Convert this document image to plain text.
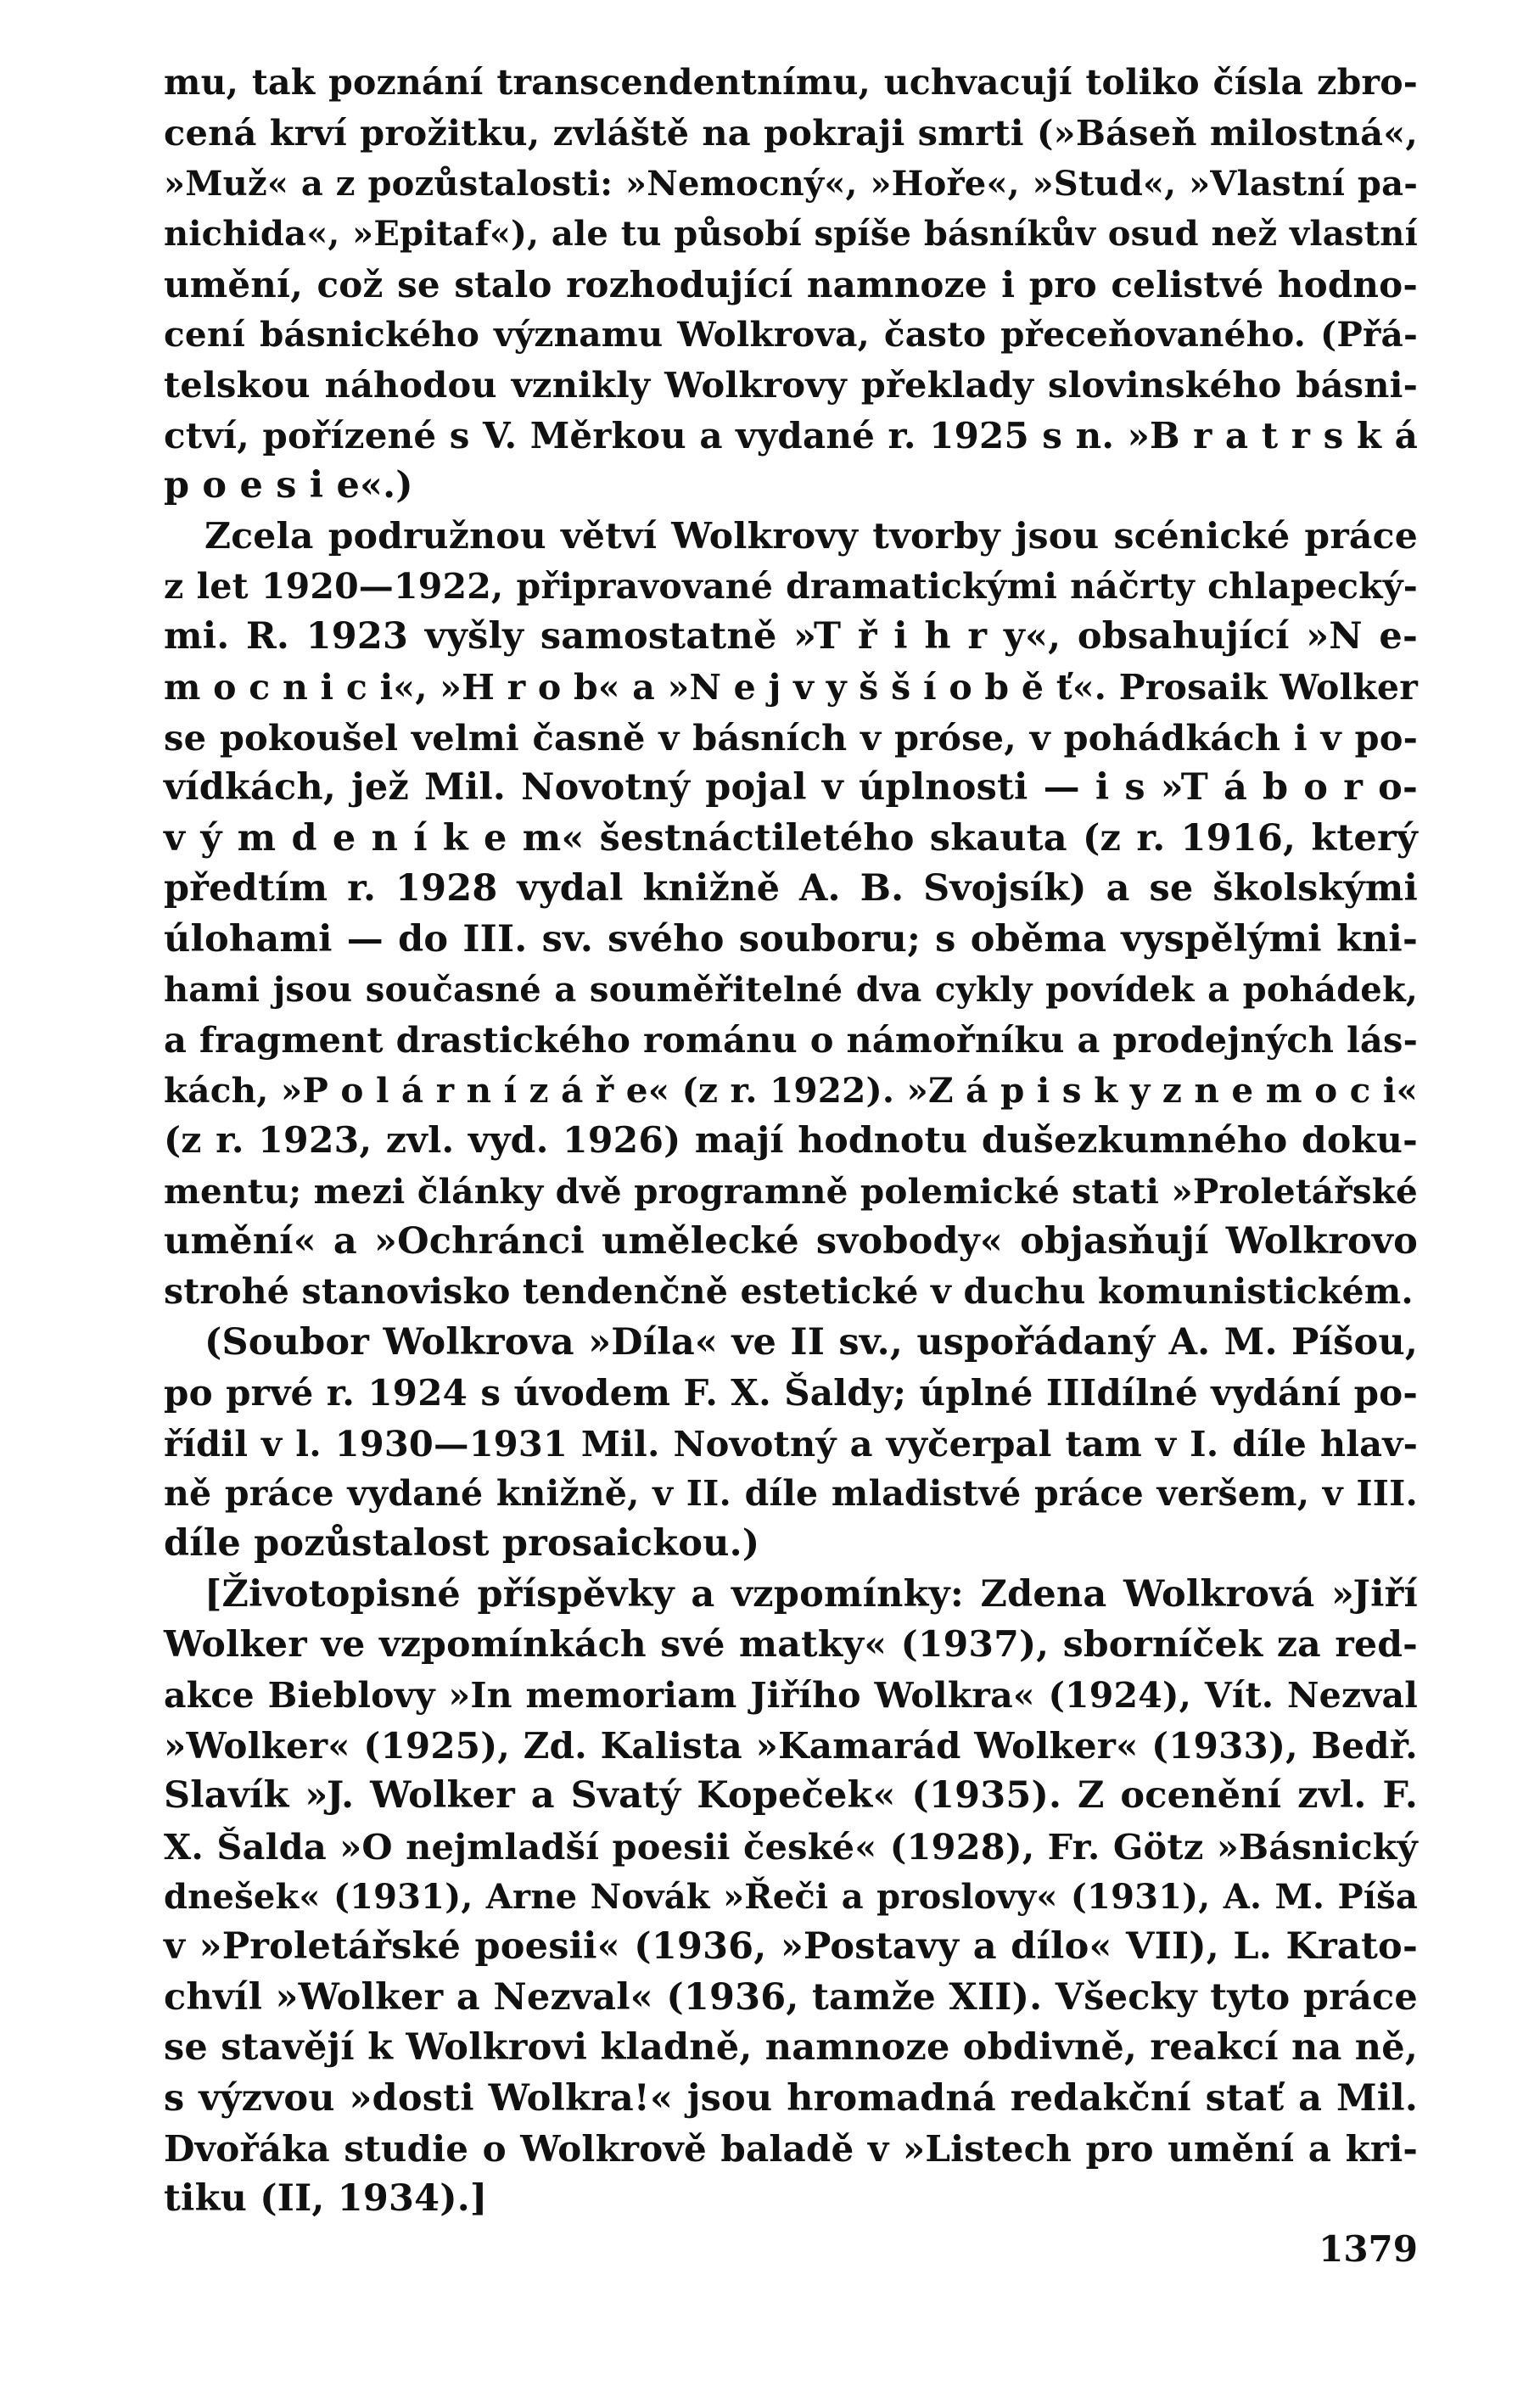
mu, tak poznání transcendentnímu, uchvacují toliko čísla zbro-
cená krví prožitku, zvláště na pokraji smrti (»Báseň milostná«,
»Muž« a z pozůstalosti: »Nemocný«, »Hoře«, »Stud«, »Vlastní pa-
nichida«, »Epitaf«), ale tu působí spíše básníkův osud než vlastní
umění, což se stalo rozhodující namnoze i pro celistvé hodno-
cení básnického významu Wolkrova, často přeceňovaného. (Přá-
telskou náhodou vznikly Wolkrovy překlady slovinského básni-
ctví, pořízené s V. Měrkou a vydané r. 1925 s n. »B r a t r s k á
p o e s i e«.)
Zcela podružnou větví Wolkrovy tvorby jsou scénické práce
z let 1920—1922, připravované dramatickými náčrty chlapecký-
mi. R. 1923 vyšly samostatně »T ř i h r y«, obsahující »N e-
m o c n i c i«, »H r o b« a »N e j v y š š í o b ě ť«. Prosaik Wolker
se pokoušel velmi časně v básních v próse, v pohádkách i v po-
vídkách, jež Mil. Novotný pojal v úplnosti — i s »T á b o r o-
v ý m d e n í k e m« šestnáctiletého skauta (z r. 1916, který
předtím r. 1928 vydal knižně A. B. Svojsík) a se školskými
úlohami — do III. sv. svého souboru; s oběma vyspělými kni-
hami jsou současné a souměřitelné dva cykly povídek a pohádek,
a fragment drastického románu o námořníku a prodejných lás-
kách, »P o l á r n í z á ř e« (z r. 1922). »Z á p i s k y z n e m o c i«
(z r. 1923, zvl. vyd. 1926) mají hodnotu dušezkumného doku-
mentu; mezi články dvě programně polemické stati »Proletářské
umění« a »Ochránci umělecké svobody« objasňují Wolkrovo
strohé stanovisko tendenčně estetické v duchu komunistickém.
(Soubor Wolkrova »Díla« ve II sv., uspořádaný A. M. Píšou,
po prvé r. 1924 s úvodem F. X. Šaldy; úplné IIIdílné vydání po-
řídil v l. 1930—1931 Mil. Novotný a vyčerpal tam v I. díle hlav-
ně práce vydané knižně, v II. díle mladistvé práce veršem, v III.
díle pozůstalost prosaickou.)
[Životopisné příspěvky a vzpomínky: Zdena Wolkrová »Jiří
Wolker ve vzpomínkách své matky« (1937), sborníček za red-
akce Bieblovy »In memoriam Jiřího Wolkra« (1924), Vít. Nezval
»Wolker« (1925), Zd. Kalista »Kamarád Wolker« (1933), Bedř.
Slavík »J. Wolker a Svatý Kopeček« (1935). Z ocenění zvl. F.
X. Šalda »O nejmladší poesii české« (1928), Fr. Götz »Básnický
dnešek« (1931), Arne Novák »Řeči a proslovy« (1931), A. M. Píša
v »Proletářské poesii« (1936, »Postavy a dílo« VII), L. Krato-
chvíl »Wolker a Nezval« (1936, tamže XII). Všecky tyto práce
se stavějí k Wolkrovi kladně, namnoze obdivně, reakcí na ně,
s výzvou »dosti Wolkra!« jsou hromadná redakční stať a Mil.
Dvořáka studie o Wolkrově baladě v »Listech pro umění a kri-
tiku (II, 1934).]
1379
